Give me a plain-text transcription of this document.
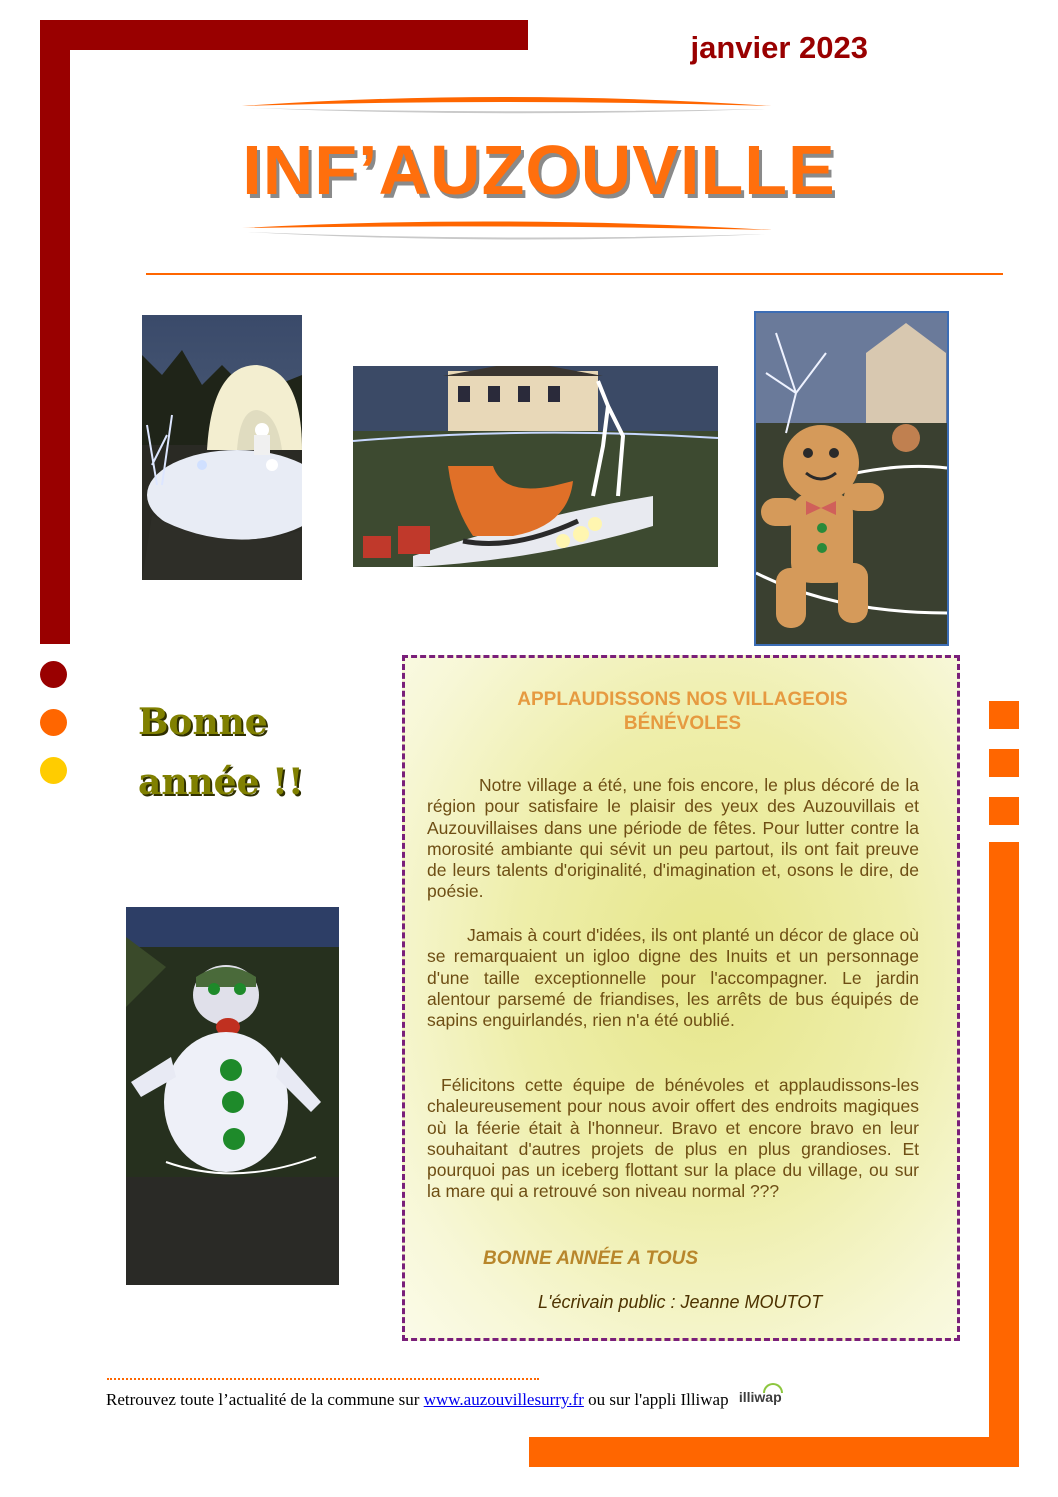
janvier 2023
INF’AUZOUVILLE
Bonne
année !!
APPLAUDISSONS NOS VILLAGEOIS BÉNÉVOLES

Notre village a été, une fois encore, le plus décoré de la région pour satisfaire le plaisir des yeux des Auzouvillais et Auzouvillaises dans une période de fêtes. Pour lutter contre la morosité ambiante qui sévit un peu partout, ils ont fait preuve de leurs talents d'originalité, d'imagination et, osons le dire, de poésie.

Jamais à court d'idées, ils ont planté un décor de glace où se remarquaient un igloo digne des Inuits et un personnage d'une taille exceptionnelle pour l'accompagner. Le jardin alentour parsemé de friandises, les arrêts de bus équipés de sapins enguirlandés, rien n'a été oublié.

Félicitons cette équipe de bénévoles et applaudissons-les chaleureusement pour nous avoir offert des endroits magiques où la féerie était à l'honneur. Bravo et encore bravo en leur souhaitant d'autres projets de plus en plus grandioses. Et pourquoi pas un iceberg flottant sur la place du village, ou sur la mare qui a retrouvé son niveau normal ???

BONNE ANNÉE A TOUS
L'écrivain public : Jeanne MOUTOT
Retrouvez toute l’actualité de la commune sur www.auzouvillesurry.fr ou sur l'appli Illiwap illiwap
